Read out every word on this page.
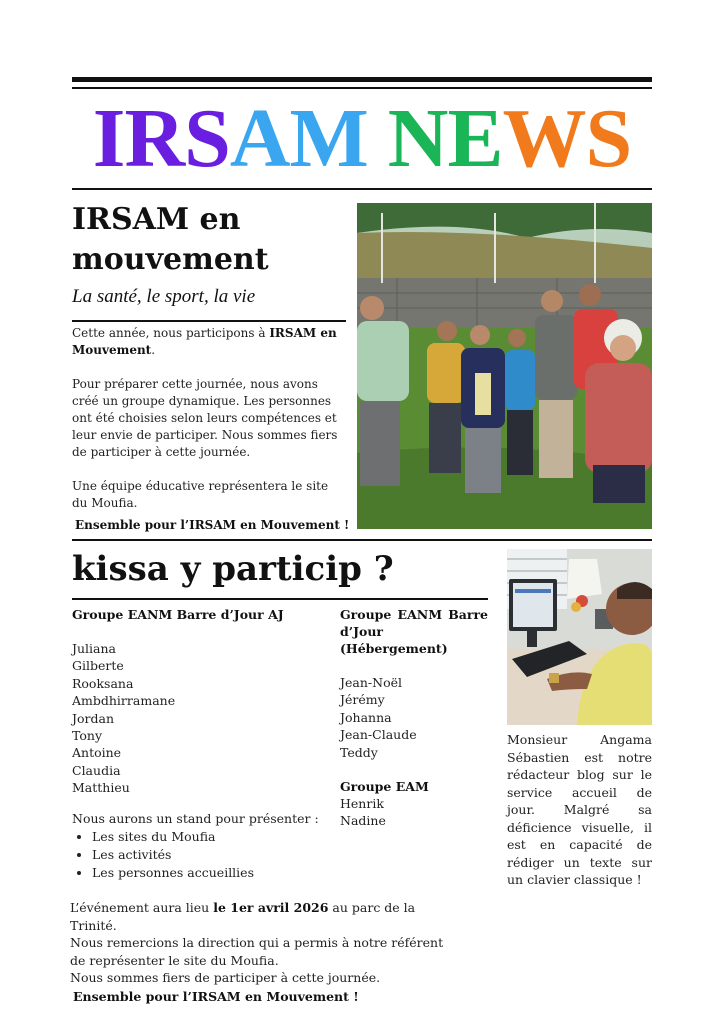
IRSAM NEWS
IRSAM en
mouvement

La santé, le sport, la vie

Cette année, nous participons à IRSAM en Mouvement.

Pour préparer cette journée, nous avons créé un groupe dynamique. Les personnes ont été choisies selon leurs compétences et leur envie de participer. Nous sommes fiers de participer à cette journée.

Une équipe éducative représentera le site du Moufia.

Ensemble pour l’IRSAM en Mouvement !

kissa y particip ?

Groupe EANM Barre d’Jour AJ

Juliana
Gilberte
Rooksana
Ambdhirramane
Jordan
Tony
Antoine
Claudia
Matthieu

Groupe EANM Barre d’Jour (Hébergement)

Jean-Noël
Jérémy
Johanna
Jean-Claude
Teddy

Groupe EAM

Henrik
Nadine

Nous aurons un stand pour présenter :

• Les sites du Moufia
• Les activités
• Les personnes accueillies

L’événement aura lieu le 1er avril 2026 au parc de la Trinité.

Nous remercions la direction qui a permis à notre référent de représenter le site du Moufia.

Nous sommes fiers de participer à cette journée.

Ensemble pour l’IRSAM en Mouvement !

Monsieur Angama Sébastien est notre rédacteur blog sur le service accueil de jour. Malgré sa déficience visuelle, il est en capacité de rédiger un texte sur un clavier classique !
